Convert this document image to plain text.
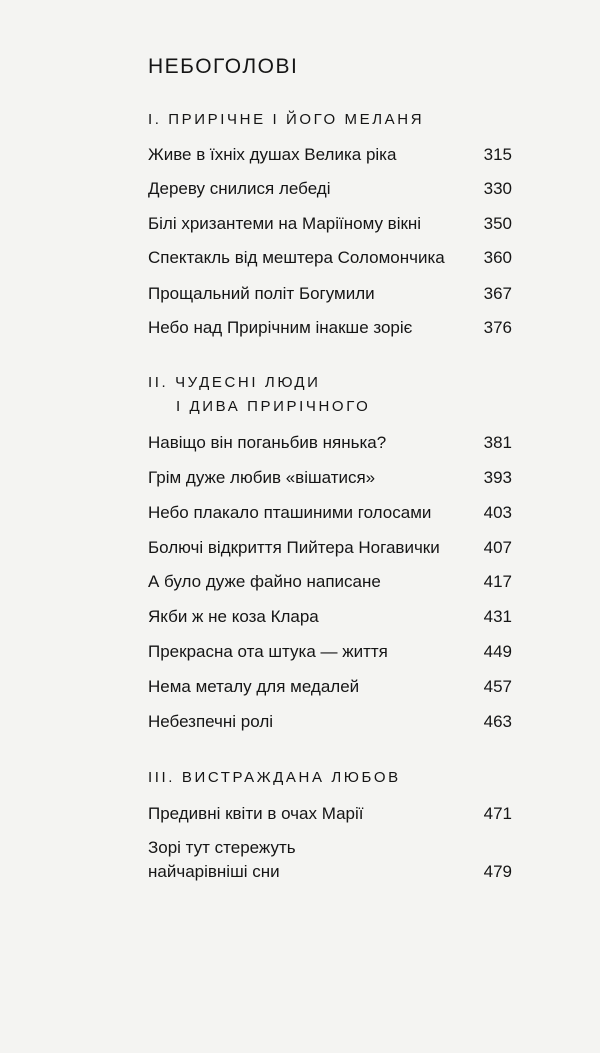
НЕБОГОЛОВІ
I. ПРИРІЧНЕ І ЙОГО МЕЛАНЯ
Живе в їхніх душах Велика ріка	315
Дереву снилися лебеді	330
Білі хризантеми на Маріїному вікні	350
Спектакль від мештера Соломончика	360
Прощальний політ Богумили	367
Небо над Прирічним інакше зоріє	376
II. ЧУДЕСНІ ЛЮДИ
І ДИВА ПРИРІЧНОГО
Навіщо він поганьбив нянька?	381
Грім дуже любив «вішатися»	393
Небо плакало пташиними голосами	403
Болючі відкриття Пийтера Ногавички	407
А було дуже файно написане	417
Якби ж не коза Клара	431
Прекрасна ота штука — життя	449
Нема металу для медалей	457
Небезпечні ролі	463
III. ВИСТРАЖДАНА ЛЮБОВ
Предивні квіти в очах Марії	471
Зорі тут стережуть
найчарівніші сни	479
